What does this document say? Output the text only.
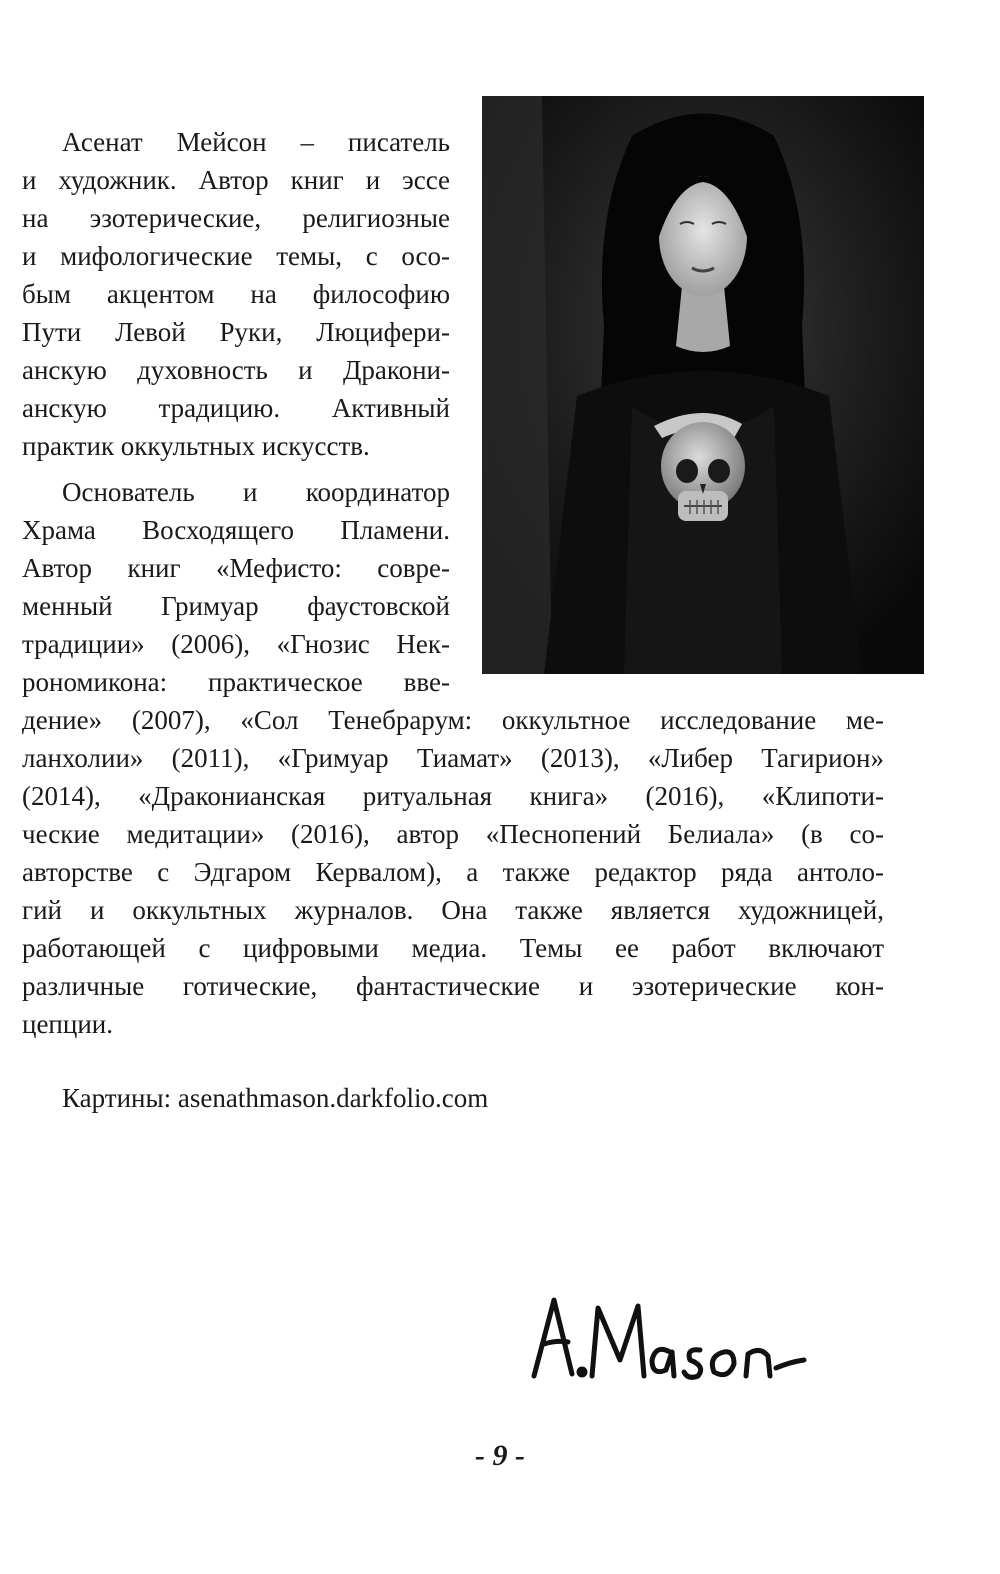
Асенат Мейсон – писатель

и художник. Автор книг и эссе

на эзотерические, религиозные

и мифологические темы, с осо-

бым акцентом на философию

Пути Левой Руки, Люцифери-

анскую духовность и Дракони-

анскую традицию. Активный

практик оккультных искусств.

Основатель и координатор

Храма Восходящего Пламени.

Автор книг «Мефисто: совре-

менный Гримуар фаустовской

традиции» (2006), «Гнозис Нек-

рономикона: практическое вве-

дение» (2007), «Сол Тенебрарум: оккультное исследование ме-

ланхолии» (2011), «Гримуар Тиамат» (2013), «Либер Тагирион»

(2014), «Драконианская ритуальная книга» (2016), «Клипоти-

ческие медитации» (2016), автор «Песнопений Белиала» (в со-

авторстве с Эдгаром Кервалом), а также редактор ряда антоло-

гий и оккультных журналов. Она также является художницей,

работающей с цифровыми медиа. Темы ее работ включают

различные готические, фантастические и эзотерические кон-

цепции.

Картины: asenathmason.darkfolio.com

- 9 -
